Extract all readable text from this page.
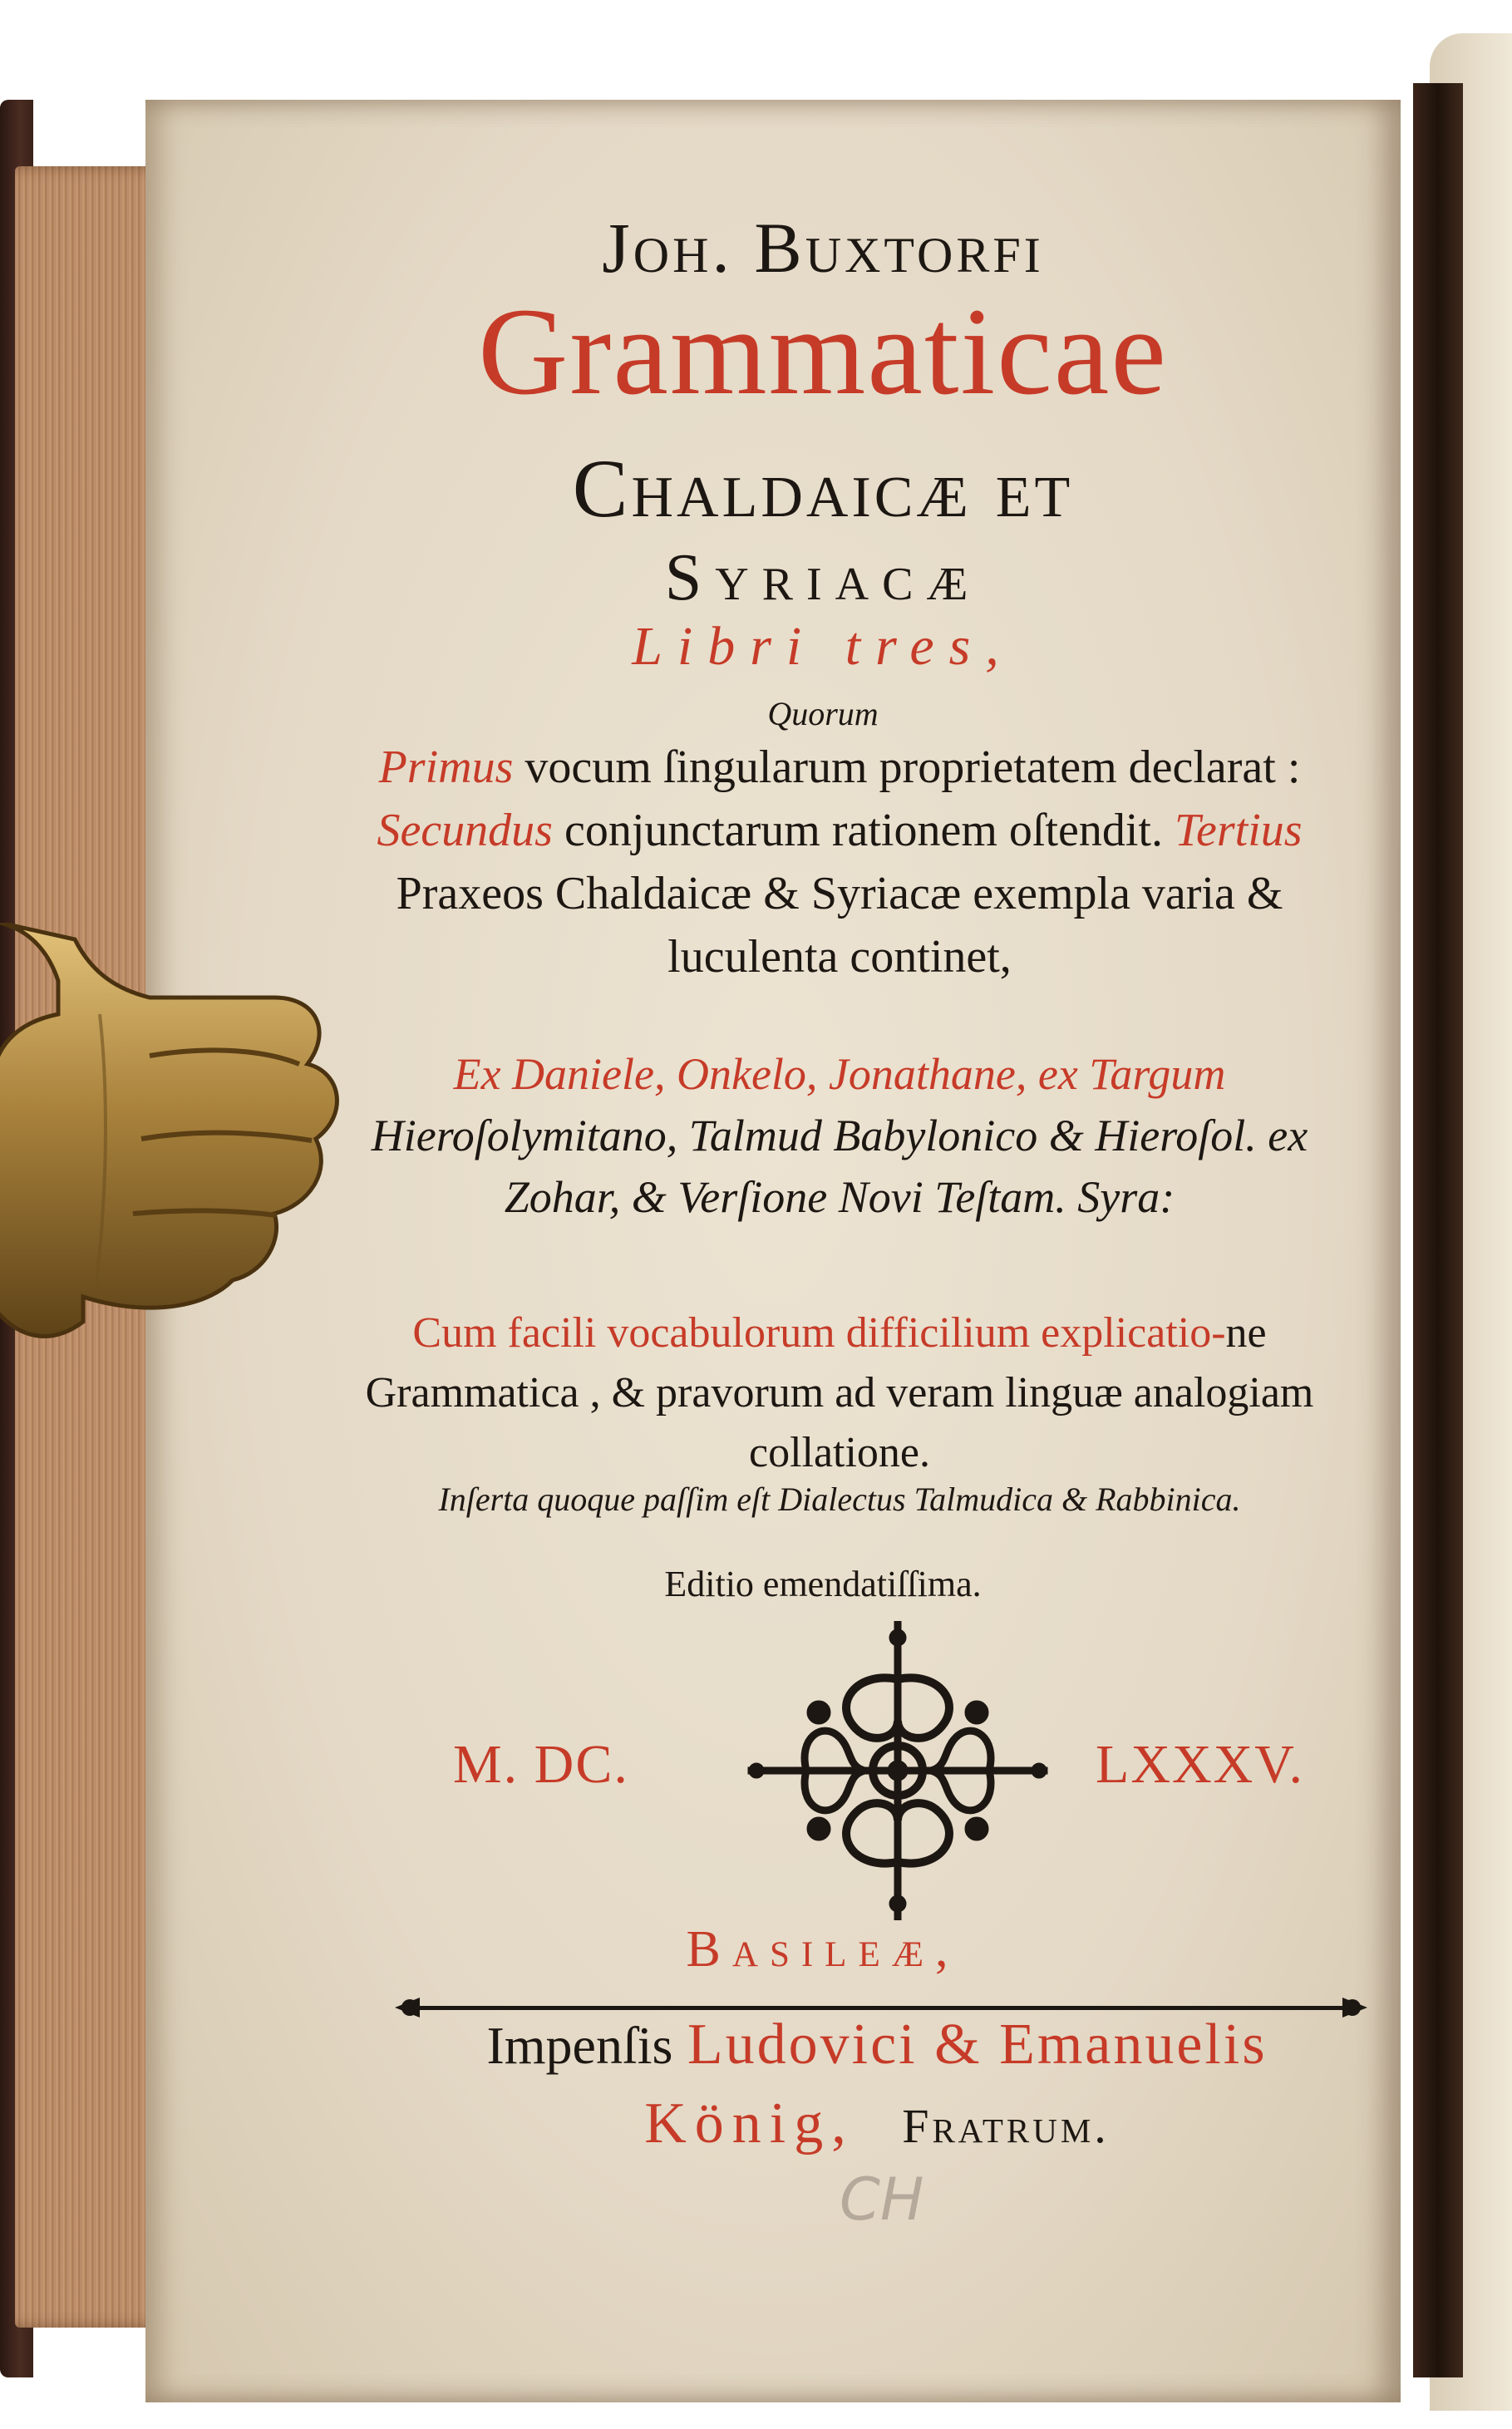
Joh. Buxtorfi

Grammaticae

Chaldaicæ et

Syriacæ

Libri tres,

Quorum

Primus vocum ſingularum proprietatem declarat : Secundus conjunctarum rationem oſtendit. Tertius Praxeos Chaldaicæ & Syriacæ exempla varia & luculenta continet,

Ex Daniele, Onkelo, Jonathane, ex Targum Hieroſolymitano, Talmud Babylonico & Hieroſol. ex Zohar, & Verſione Novi Teſtam. Syra:

Cum facili vocabulorum difficilium explicatio-ne Grammatica , & pravorum ad veram linguæ analogiam collatione.

Inſerta quoque paſſim eſt Dialectus Talmudica & Rabbinica.

Editio emendatiſſima.

M. DC.	LXXXV.

Basileæ,

Impenſis Ludovici & Emanuelis

König, Fratrum.

CH
